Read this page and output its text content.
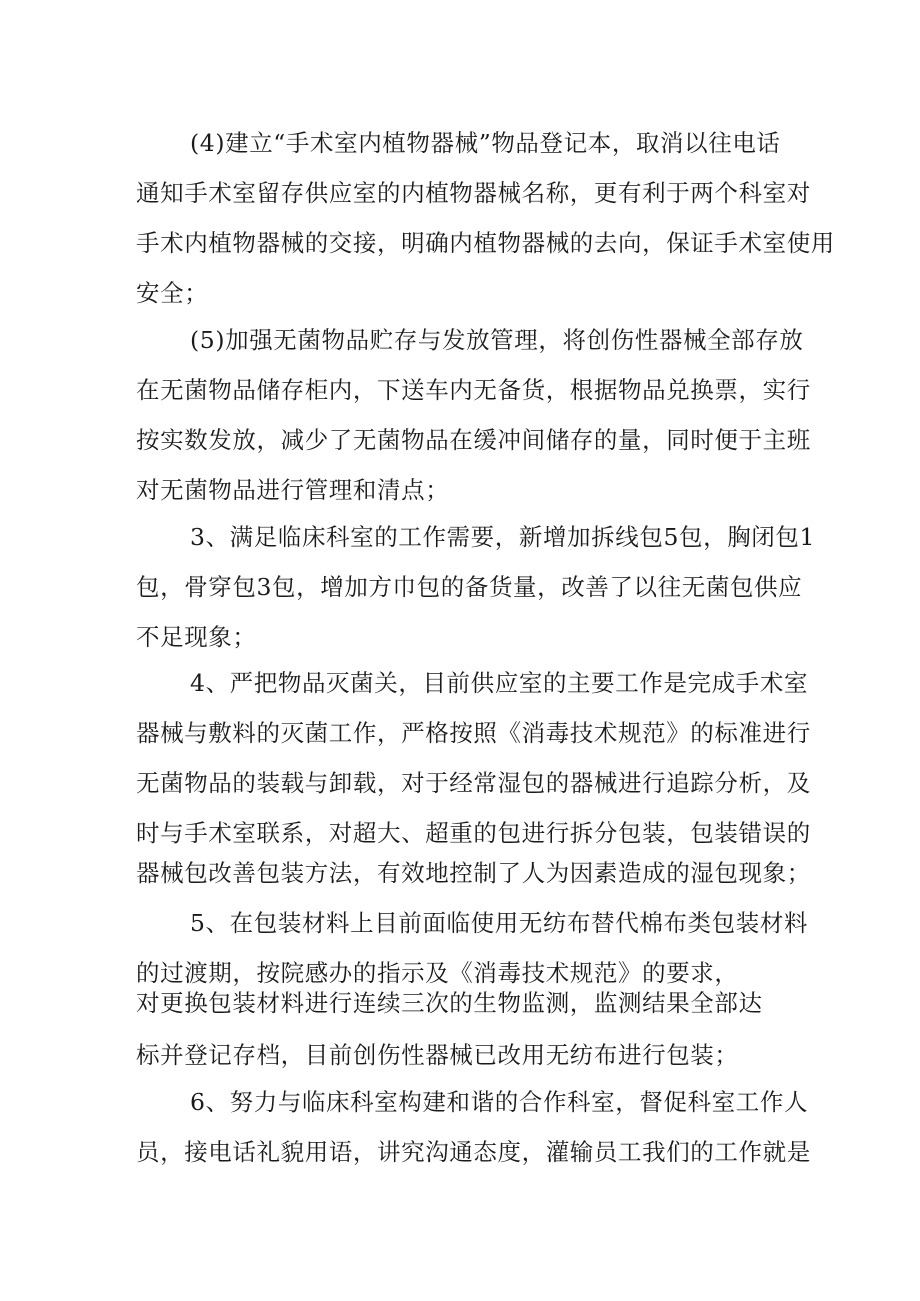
(4)建立“手术室内植物器械”物品登记本，取消以往电话
通知手术室留存供应室的内植物器械名称，更有利于两个科室对
手术内植物器械的交接，明确内植物器械的去向，保证手术室使用
安全；
(5)加强无菌物品贮存与发放管理，将创伤性器械全部存放
在无菌物品储存柜内，下送车内无备货，根据物品兑换票，实行
按实数发放，减少了无菌物品在缓冲间储存的量，同时便于主班
对无菌物品进行管理和清点；
3、满足临床科室的工作需要，新增加拆线包5包，胸闭包1
包，骨穿包3包，增加方巾包的备货量，改善了以往无菌包供应
不足现象；
4、严把物品灭菌关，目前供应室的主要工作是完成手术室
器械与敷料的灭菌工作，严格按照《消毒技术规范》的标准进行
无菌物品的装载与卸载，对于经常湿包的器械进行追踪分析，及
时与手术室联系，对超大、超重的包进行拆分包装，包装错误的
器械包改善包装方法，有效地控制了人为因素造成的湿包现象；
5、在包装材料上目前面临使用无纺布替代棉布类包装材料
的过渡期，按院感办的指示及《消毒技术规范》的要求，
对更换包装材料进行连续三次的生物监测，监测结果全部达
标并登记存档，目前创伤性器械已改用无纺布进行包装；
6、努力与临床科室构建和谐的合作科室，督促科室工作人
员，接电话礼貌用语，讲究沟通态度，灌输员工我们的工作就是
